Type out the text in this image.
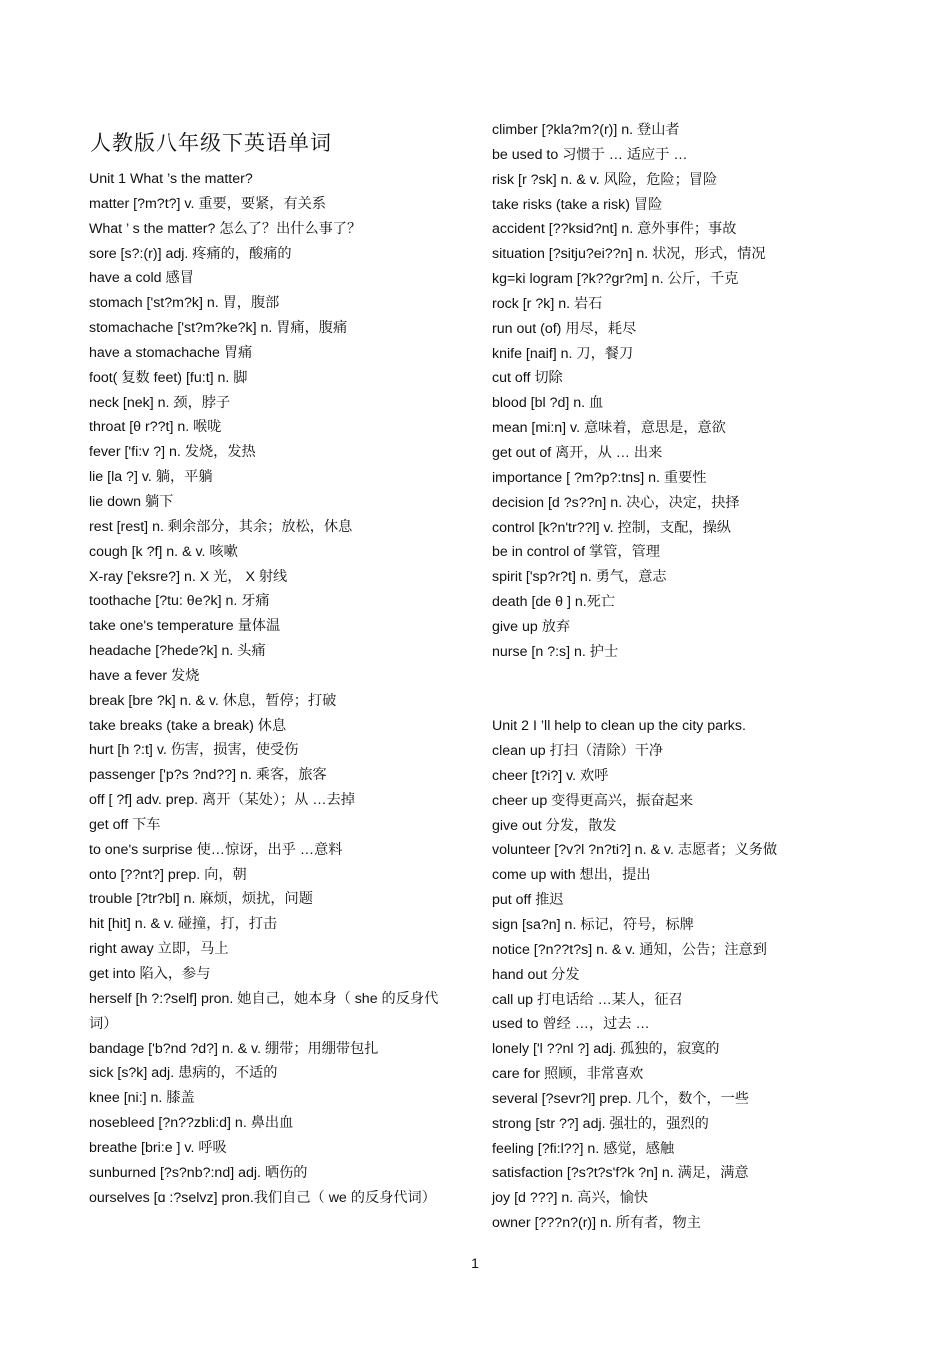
人教版八年级下英语单词
Unit 1 What ’s the matter?
matter [?m?t?] v. 重要，要紧，有关系
What ’ s the matter? 怎么了？出什么事了？
sore [s?:(r)] adj. 疼痛的，酸痛的
have a cold 感冒
stomach ['st?m?k] n. 胃，腹部
stomachache ['st?m?ke?k] n. 胃痛，腹痛
have a stomachache 胃痛
foot( 复数 feet) [fu:t] n. 脚
neck [nek] n. 颈，脖子
throat [θ r??t] n. 喉咙
fever ['fi:v ?] n. 发烧，发热
lie [la ?] v. 躺，平躺
lie down 躺下
rest [rest] n. 剩余部分，其余；放松，休息
cough [k ?f] n. & v. 咳嗽
X-ray ['eksre?] n. X 光， X 射线
toothache [?tu: θe?k] n. 牙痛
take one's temperature 量体温
headache [?hede?k] n. 头痛
have a fever 发烧
break [bre ?k] n. & v. 休息，暂停；打破
take breaks (take a break) 休息
hurt [h ?:t] v. 伤害，损害，使受伤
passenger ['p?s ?nd??] n. 乘客，旅客
off [ ?f] adv. prep. 离开（某处）；从 …去掉
get off 下车
to one's surprise 使…惊讶，出乎 …意料
onto [??nt?] prep. 向，朝
trouble [?tr?bl] n. 麻烦，烦扰，问题
hit [hit] n. & v. 碰撞，打，打击
right away 立即，马上
get into 陷入，参与
herself [h ?:?self] pron. 她自己，她本身（ she 的反身代词）
bandage ['b?nd ?d?] n. & v. 绷带；用绷带包扎
sick [s?k] adj. 患病的，不适的
knee [ni:] n. 膝盖
nosebleed [?n??zbli:d] n. 鼻出血
breathe [bri:e ] v. 呼吸
sunburned [?s?nb?:nd] adj. 晒伤的
ourselves [ɑ :?selvz] pron.我们自己（ we 的反身代词）
climber [?kla?m?(r)] n. 登山者
be used to 习惯于 … 适应于 …
risk [r ?sk] n. & v. 风险，危险；冒险
take risks (take a risk) 冒险
accident [??ksid?nt] n. 意外事件；事故
situation [?sitju?ei??n] n. 状况，形式，情况
kg=ki logram [?k??gr?m] n. 公斤，千克
rock [r ?k] n. 岩石
run out (of) 用尽，耗尽
knife [naif] n. 刀，餐刀
cut off 切除
blood [bl ?d] n. 血
mean [mi:n] v. 意味着，意思是，意欲
get out of 离开，从 … 出来
importance [ ?m?p?:tns] n. 重要性
decision [d ?s??n] n. 决心，决定，抉择
control [k?n'tr??l] v. 控制，支配，操纵
be in control of 掌管，管理
spirit ['sp?r?t] n. 勇气，意志
death [de θ ] n.死亡
give up 放弃
nurse [n ?:s] n. 护士
Unit 2 I ’ll help to clean up the city parks.
clean up 打扫（清除）干净
cheer [t?i?] v. 欢呼
cheer up 变得更高兴，振奋起来
give out 分发，散发
volunteer [?v?l ?n?ti?] n. & v. 志愿者；义务做
come up with 想出，提出
put off 推迟
sign [sa?n] n. 标记，符号，标牌
notice [?n??t?s] n. & v. 通知，公告；注意到
hand out 分发
call up 打电话给 …某人，征召
used to 曾经 …，过去 …
lonely ['l ??nl ?] adj. 孤独的，寂寞的
care for 照顾，非常喜欢
several [?sevr?l] prep. 几个，数个，一些
strong [str ??] adj. 强壮的，强烈的
feeling [?fi:l??] n. 感觉，感触
satisfaction [?s?t?s'f?k ?n] n. 满足，满意
joy [d ???] n. 高兴，愉快
owner [???n?(r)] n. 所有者，物主
1
